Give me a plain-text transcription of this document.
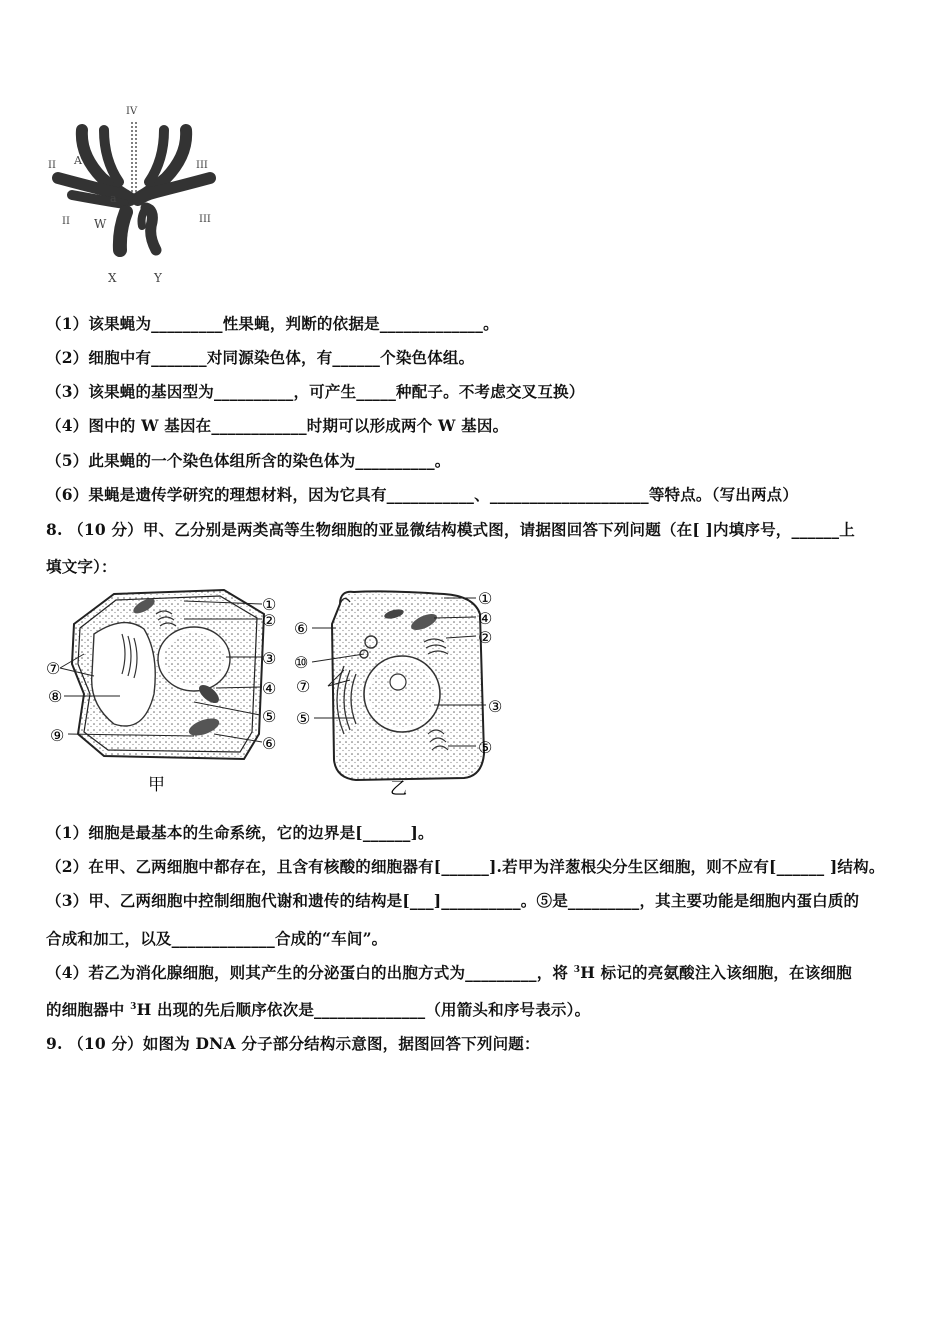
IV
II	III
II	III
A
a
W
X	Y
（1）该果蝇为_________性果蝇，判断的依据是_____________。
（2）细胞中有_______对同源染色体，有______个染色体组。
（3）该果蝇的基因型为__________，可产生_____种配子。不考虑交叉互换）
（4）图中的 W 基因在____________时期可以形成两个 W 基因。
（5）此果蝇的一个染色体组所含的染色体为__________。
（6）果蝇是遗传学研究的理想材料，因为它具有___________、____________________等特点。（写出两点）
8. （10 分）甲、乙分别是两类高等生物细胞的亚显微结构模式图，请据图回答下列问题（在[ ]内填序号，______上
填文字）：
①
②
③
④
⑤
⑥
⑦
⑧
⑨
甲
①
④
②
⑥
⑩
⑦
③
⑤
⑤
乙
（1）细胞是最基本的生命系统，它的边界是[______]。
（2）在甲、乙两细胞中都存在，且含有核酸的细胞器有[______].若甲为洋葱根尖分生区细胞，则不应有[______ ]结构。
（3）甲、乙两细胞中控制细胞代谢和遗传的结构是[___]__________。⑤是_________，其主要功能是细胞内蛋白质的
合成和加工，以及_____________合成的“车间”。
（4）若乙为消化腺细胞，则其产生的分泌蛋白的出胞方式为_________，将 $^3$H 标记的亮氨酸注入该细胞，在该细胞
的细胞器中 $^3$H 出现的先后顺序依次是______________（用箭头和序号表示）。
9. （10 分）如图为 DNA 分子部分结构示意图，据图回答下列问题：
